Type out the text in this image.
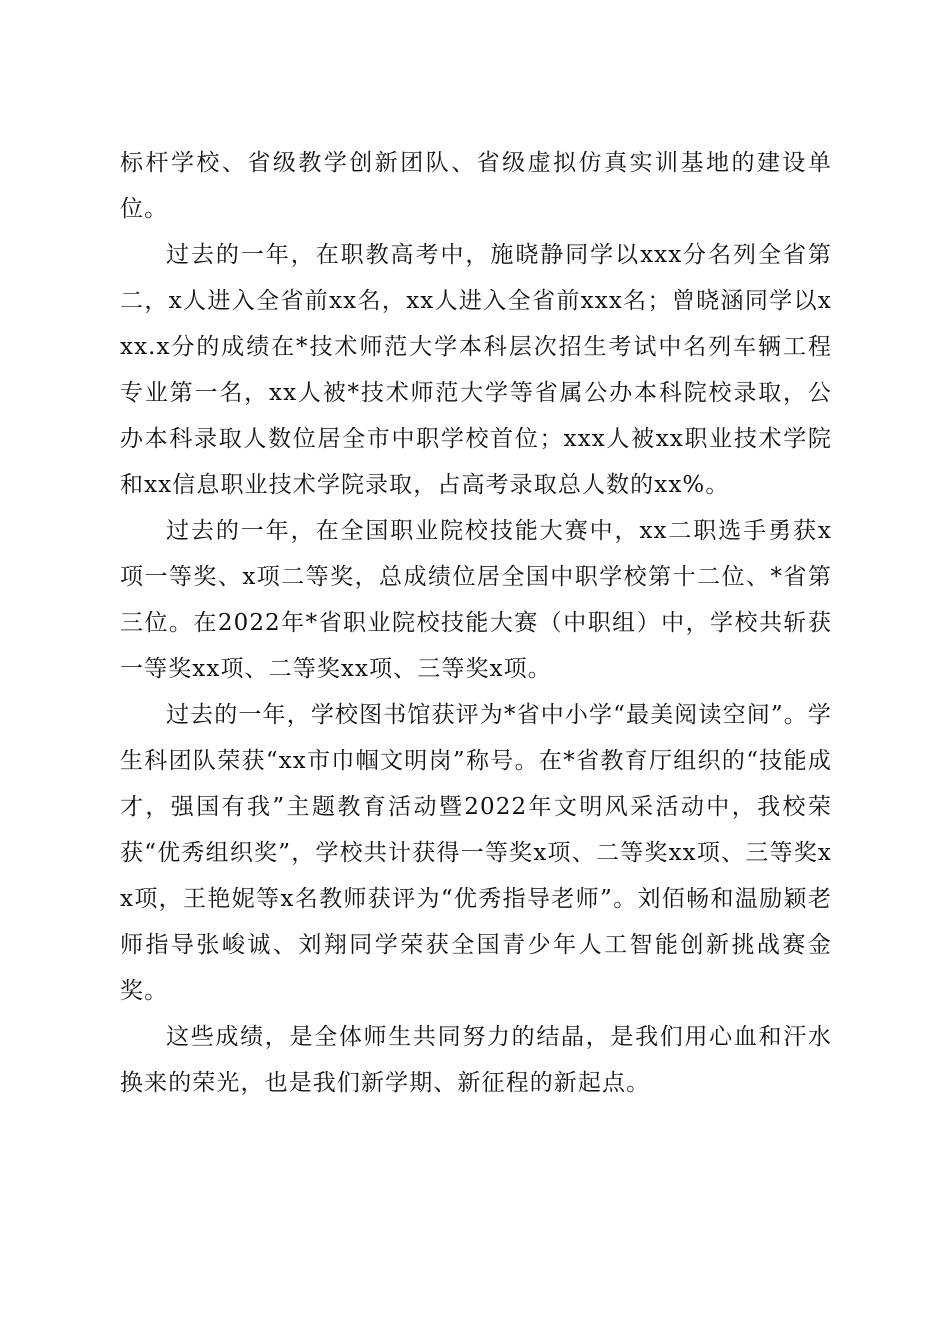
标杆学校、省级教学创新团队、省级虚拟仿真实训基地的建设单位。

过去的一年，在职教高考中，施晓静同学以xxx分名列全省第二，x人进入全省前xx名，xx人进入全省前xxx名；曾晓涵同学以xxx.x分的成绩在*技术师范大学本科层次招生考试中名列车辆工程专业第一名，xx人被*技术师范大学等省属公办本科院校录取，公办本科录取人数位居全市中职学校首位；xxx人被xx职业技术学院和xx信息职业技术学院录取，占高考录取总人数的xx%。

过去的一年，在全国职业院校技能大赛中，xx二职选手勇获x项一等奖、x项二等奖，总成绩位居全国中职学校第十二位、*省第三位。在2022年*省职业院校技能大赛（中职组）中，学校共斩获一等奖xx项、二等奖xx项、三等奖x项。

过去的一年，学校图书馆获评为*省中小学“最美阅读空间”。学生科团队荣获“xx市巾帼文明岗”称号。在*省教育厅组织的“技能成才，强国有我”主题教育活动暨2022年文明风采活动中，我校荣获“优秀组织奖”，学校共计获得一等奖x项、二等奖xx项、三等奖xx项，王艳妮等x名教师获评为“优秀指导老师”。刘佰畅和温励颖老师指导张峻诚、刘翔同学荣获全国青少年人工智能创新挑战赛金奖。

这些成绩，是全体师生共同努力的结晶，是我们用心血和汗水换来的荣光，也是我们新学期、新征程的新起点。
